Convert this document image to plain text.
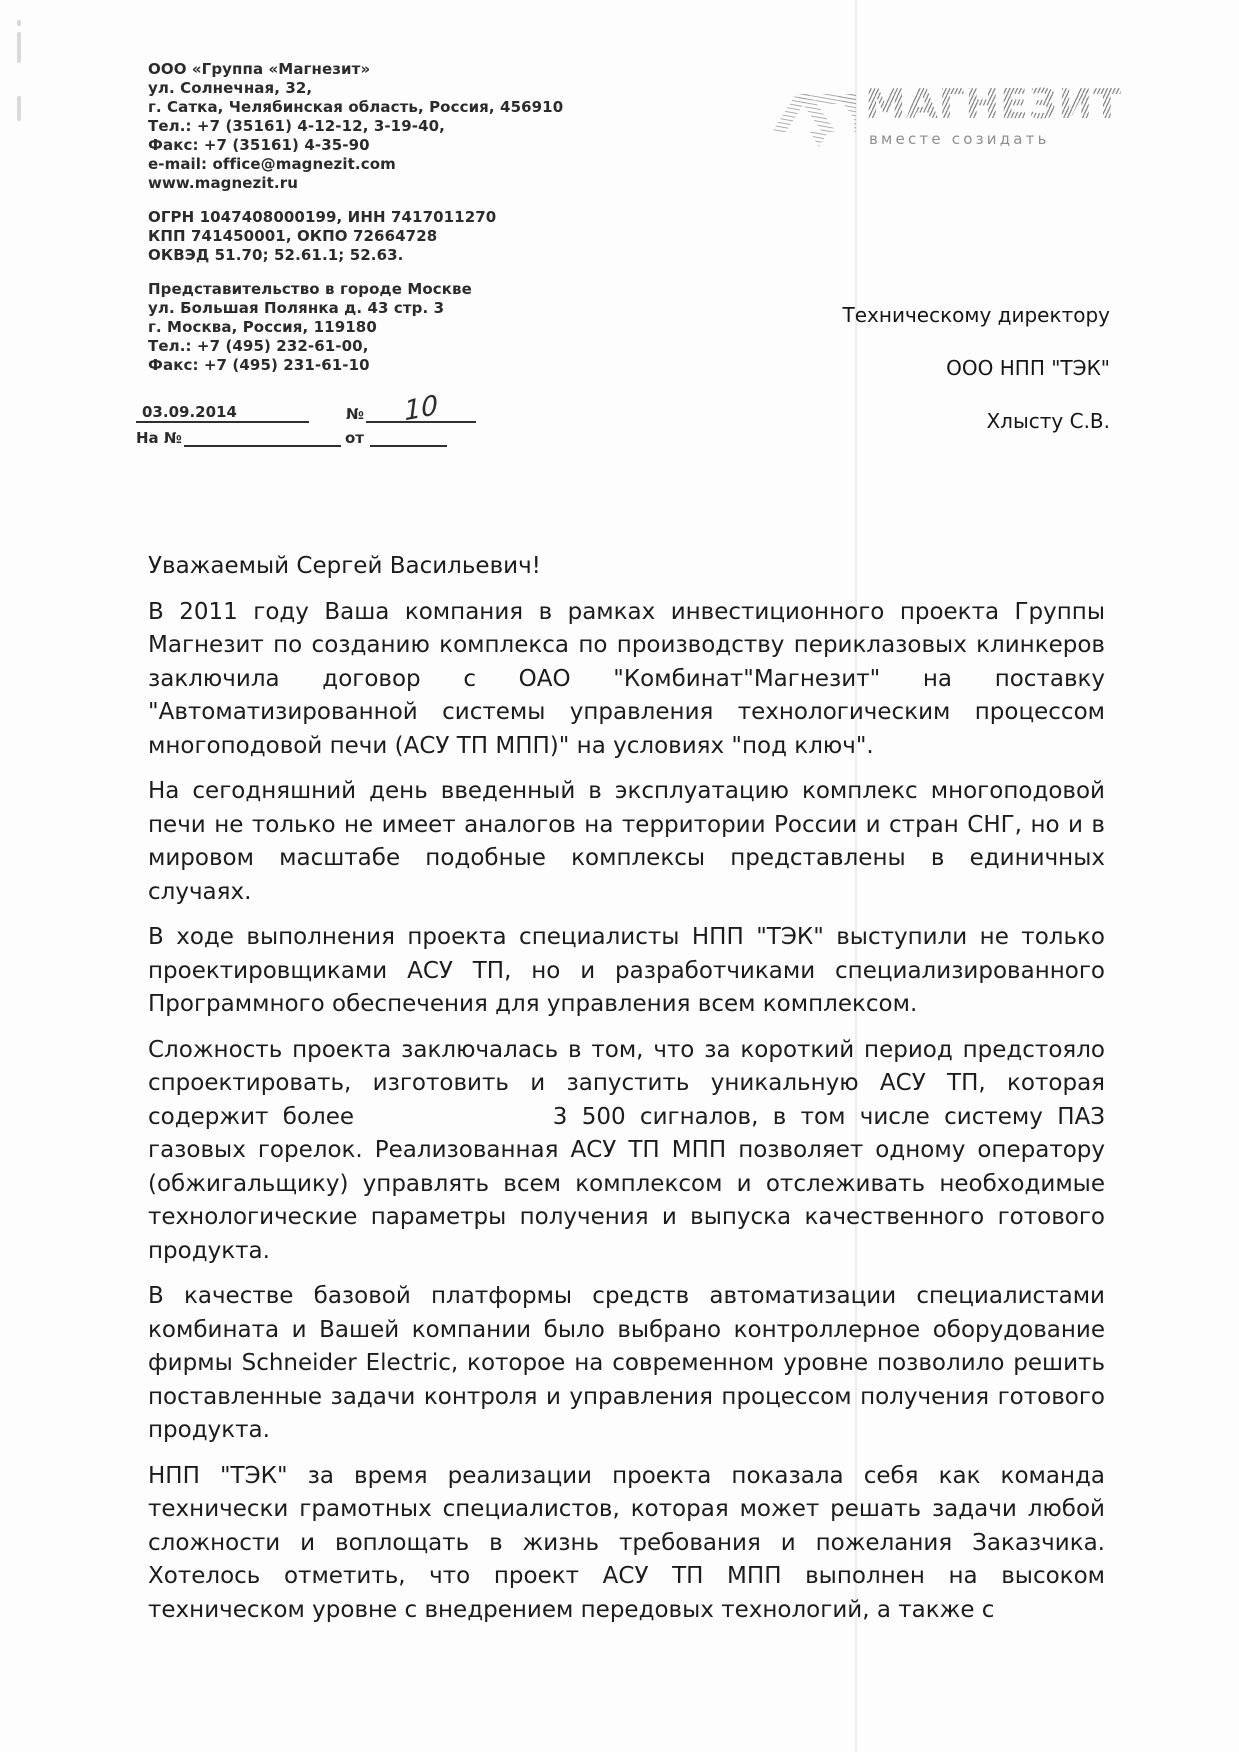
ООО «Группа «Магнезит»
ул. Солнечная, 32,
г. Сатка, Челябинская область, Россия, 456910
Тел.: +7 (35161) 4-12-12, 3-19-40,
Факс: +7 (35161) 4-35-90
e-mail: office@magnezit.com
www.magnezit.ru
ОГРН 1047408000199, ИНН 7417011270
КПП 741450001, ОКПО 72664728
ОКВЭД 51.70; 52.61.1; 52.63.
Представительство в городе Москве
ул. Большая Полянка д. 43 стр. 3
г. Москва, Россия, 119180
Тел.: +7 (495) 232-61-00,
Факс: +7 (495) 231-61-10
МАГНЕЗИТ
вместе созидать
Техническому директору
ООО НПП "ТЭК"
Хлысту С.В.
03.09.2014	№	10
На №	от

Уважаемый Сергей Васильевич!

В 2011 году Ваша компания в рамках инвестиционного проекта Группы Магнезит по созданию комплекса по производству периклазовых клинкеров заключила договор с ОАО "Комбинат"Магнезит" на поставку "Автоматизированной системы управления технологическим процессом многоподовой печи (АСУ ТП МПП)" на условиях "под ключ".

На сегодняшний день введенный в эксплуатацию комплекс многоподовой печи не только не имеет аналогов на территории России и стран СНГ, но и в мировом масштабе подобные комплексы представлены в единичных случаях.

В ходе выполнения проекта специалисты НПП "ТЭК" выступили не только проектировщиками АСУ ТП, но и разработчиками специализированного Программного обеспечения для управления всем комплексом.

Сложность проекта заключалась в том, что за короткий период предстояло спроектировать, изготовить и запустить уникальную АСУ ТП, которая содержит более	3 500 сигналов, в том числе систему ПАЗ газовых горелок. Реализованная АСУ ТП МПП позволяет одному оператору (обжигальщику) управлять всем комплексом и отслеживать необходимые технологические параметры получения и выпуска качественного готового продукта.

В качестве базовой платформы средств автоматизации специалистами комбината и Вашей компании было выбрано контроллерное оборудование фирмы Schneider Electric, которое на современном уровне позволило решить поставленные задачи контроля и управления процессом получения готового продукта.

НПП "ТЭК" за время реализации проекта показала себя как команда технически грамотных специалистов, которая может решать задачи любой сложности и воплощать в жизнь требования и пожелания Заказчика. Хотелось отметить, что проект АСУ ТП МПП выполнен на высоком техническом уровне с внедрением передовых технологий, а также с
